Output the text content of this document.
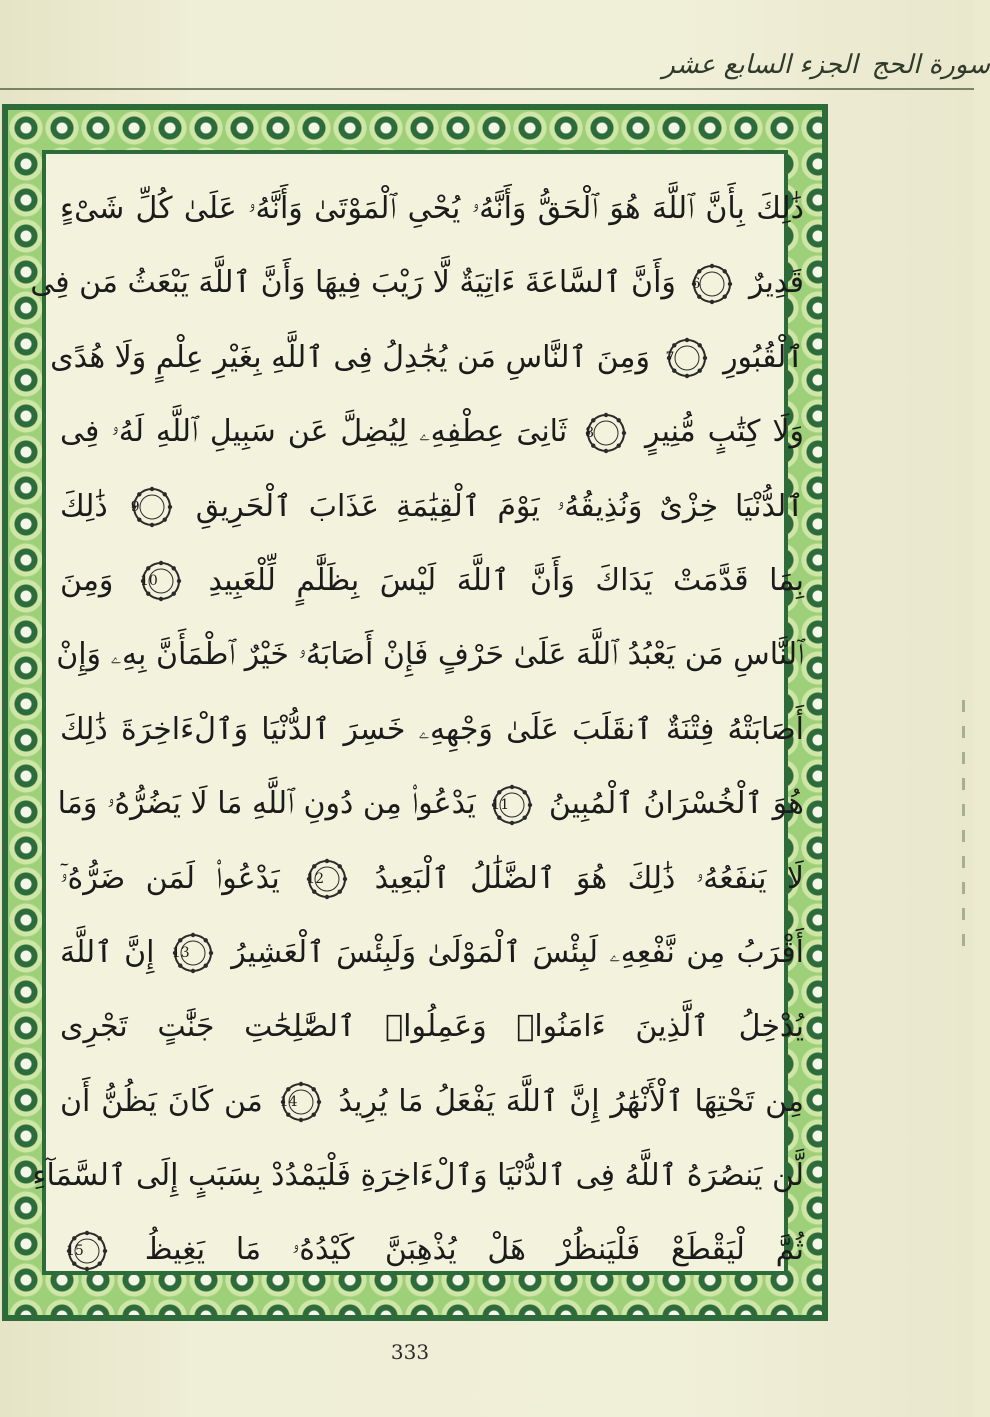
الجزء السابع عشر سورة الحج
ذَٰلِكَ بِأَنَّ ٱللَّهَ هُوَ ٱلْحَقُّ وَأَنَّهُۥ يُحْىِ ٱلْمَوْتَىٰ وَأَنَّهُۥ عَلَىٰ كُلِّ شَىْءٍ
قَدِيرٌ
6 وَأَنَّ ٱلسَّاعَةَ ءَاتِيَةٌ لَّا رَيْبَ فِيهَا وَأَنَّ ٱللَّهَ يَبْعَثُ مَن فِى
ٱلْقُبُورِ
7 وَمِنَ ٱلنَّاسِ مَن يُجَٰدِلُ فِى ٱللَّهِ بِغَيْرِ عِلْمٍ وَلَا هُدًى
وَلَا كِتَٰبٍ مُّنِيرٍ
8 ثَانِىَ عِطْفِهِۦ لِيُضِلَّ عَن سَبِيلِ ٱللَّهِ لَهُۥ فِى
ٱلدُّنْيَا خِزْىٌ وَنُذِيقُهُۥ يَوْمَ ٱلْقِيَٰمَةِ عَذَابَ ٱلْحَرِيقِ
9 ذَٰلِكَ
بِمَا قَدَّمَتْ يَدَاكَ وَأَنَّ ٱللَّهَ لَيْسَ بِظَلَّٰمٍ لِّلْعَبِيدِ
10 وَمِنَ
ٱلنَّاسِ مَن يَعْبُدُ ٱللَّهَ عَلَىٰ حَرْفٍ فَإِنْ أَصَابَهُۥ خَيْرٌ ٱطْمَأَنَّ بِهِۦ وَإِنْ
أَصَابَتْهُ فِتْنَةٌ ٱنقَلَبَ عَلَىٰ وَجْهِهِۦ خَسِرَ ٱلدُّنْيَا وَٱلْءَاخِرَةَ ذَٰلِكَ
هُوَ ٱلْخُسْرَانُ ٱلْمُبِينُ
11 يَدْعُوا۟ مِن دُونِ ٱللَّهِ مَا لَا يَضُرُّهُۥ وَمَا
لَا يَنفَعُهُۥ ذَٰلِكَ هُوَ ٱلضَّلَٰلُ ٱلْبَعِيدُ
12 يَدْعُوا۟ لَمَن ضَرُّهُۥٓ
أَقْرَبُ مِن نَّفْعِهِۦ لَبِئْسَ ٱلْمَوْلَىٰ وَلَبِئْسَ ٱلْعَشِيرُ
13 إِنَّ ٱللَّهَ
يُدْخِلُ ٱلَّذِينَ ءَامَنُوا۟ وَعَمِلُوا۟ ٱلصَّٰلِحَٰتِ جَنَّٰتٍ تَجْرِى
مِن تَحْتِهَا ٱلْأَنْهَٰرُ إِنَّ ٱللَّهَ يَفْعَلُ مَا يُرِيدُ
14 مَن كَانَ يَظُنُّ أَن
لَّن يَنصُرَهُ ٱللَّهُ فِى ٱلدُّنْيَا وَٱلْءَاخِرَةِ فَلْيَمْدُدْ بِسَبَبٍ إِلَى ٱلسَّمَآءِ
ثُمَّ لْيَقْطَعْ فَلْيَنظُرْ هَلْ يُذْهِبَنَّ كَيْدُهُۥ مَا يَغِيظُ
15
333
